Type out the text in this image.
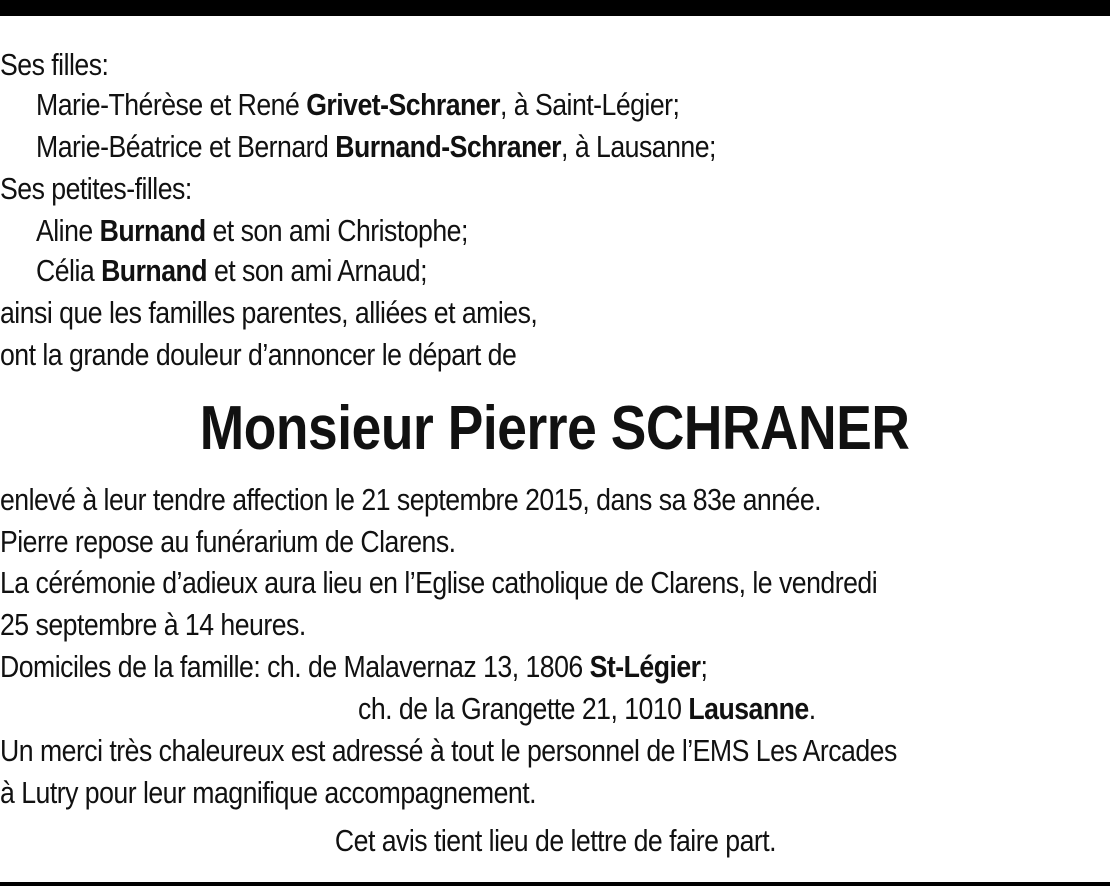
Ses filles:
Marie-Thérèse et René Grivet-Schraner, à Saint-Légier;
Marie-Béatrice et Bernard Burnand-Schraner, à Lausanne;
Ses petites-filles:
Aline Burnand et son ami Christophe;
Célia Burnand et son ami Arnaud;
ainsi que les familles parentes, alliées et amies,
ont la grande douleur d’annoncer le départ de
Monsieur Pierre SCHRANER
enlevé à leur tendre affection le 21 septembre 2015, dans sa 83e année.
Pierre repose au funérarium de Clarens.
La cérémonie d’adieux aura lieu en l’Eglise catholique de Clarens, le vendredi
25 septembre à 14 heures.
Domiciles de la famille: ch. de Malavernaz 13, 1806 St-Légier;
ch. de la Grangette 21, 1010 Lausanne.
Un merci très chaleureux est adressé à tout le personnel de l’EMS Les Arcades
à Lutry pour leur magnifique accompagnement.
Cet avis tient lieu de lettre de faire part.
